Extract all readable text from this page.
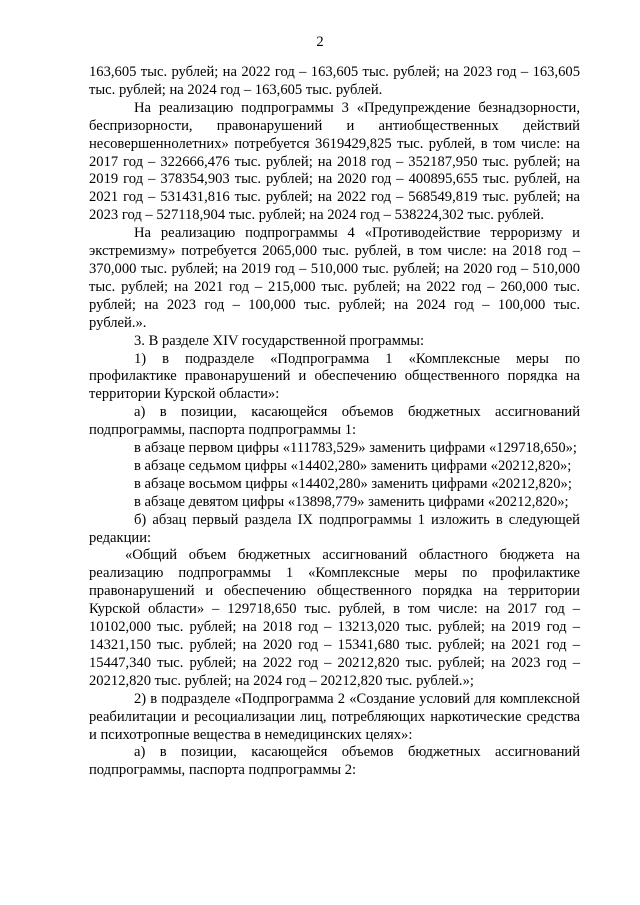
2

163,605 тыс. рублей; на 2022 год – 163,605 тыс. рублей; на 2023 год – 163,605 тыс. рублей; на 2024 год – 163,605 тыс. рублей.

На реализацию подпрограммы 3 «Предупреждение безнадзорности, беспризорности, правонарушений и антиобщественных действий несовершеннолетних» потребуется 3619429,825 тыс. рублей, в том числе: на 2017 год – 322666,476 тыс. рублей; на 2018 год – 352187,950 тыс. рублей; на 2019 год – 378354,903 тыс. рублей; на 2020 год – 400895,655 тыс. рублей, на 2021 год – 531431,816 тыс. рублей; на 2022 год – 568549,819 тыс. рублей; на 2023 год – 527118,904 тыс. рублей; на 2024 год – 538224,302 тыс. рублей.

На реализацию подпрограммы 4 «Противодействие терроризму и экстремизму» потребуется 2065,000 тыс. рублей, в том числе: на 2018 год – 370,000 тыс. рублей; на 2019 год – 510,000 тыс. рублей; на 2020 год – 510,000 тыс. рублей; на 2021 год – 215,000 тыс. рублей; на 2022 год – 260,000 тыс. рублей; на 2023 год – 100,000 тыс. рублей; на 2024 год – 100,000 тыс. рублей.».

3. В разделе XIV государственной программы:

1) в подразделе «Подпрограмма 1 «Комплексные меры по профилактике правонарушений и обеспечению общественного порядка на территории Курской области»:

а) в позиции, касающейся объемов бюджетных ассигнований подпрограммы, паспорта подпрограммы 1:

в абзаце первом цифры «111783,529» заменить цифрами «129718,650»;

в абзаце седьмом цифры «14402,280» заменить цифрами «20212,820»;

в абзаце восьмом цифры «14402,280» заменить цифрами «20212,820»;

в абзаце девятом цифры «13898,779» заменить цифрами «20212,820»;

б) абзац первый раздела IX подпрограммы 1 изложить в следующей редакции:

«Общий объем бюджетных ассигнований областного бюджета на реализацию подпрограммы 1 «Комплексные меры по профилактике правонарушений и обеспечению общественного порядка на территории Курской области» – 129718,650 тыс. рублей, в том числе: на 2017 год – 10102,000 тыс. рублей; на 2018 год – 13213,020 тыс. рублей; на 2019 год – 14321,150 тыс. рублей; на 2020 год – 15341,680 тыс. рублей; на 2021 год – 15447,340 тыс. рублей; на 2022 год – 20212,820 тыс. рублей; на 2023 год – 20212,820 тыс. рублей; на 2024 год – 20212,820 тыс. рублей.»;

2) в подразделе «Подпрограмма 2 «Создание условий для комплексной реабилитации и ресоциализации лиц, потребляющих наркотические средства и психотропные вещества в немедицинских целях»:

а) в позиции, касающейся объемов бюджетных ассигнований подпрограммы, паспорта подпрограммы 2:
